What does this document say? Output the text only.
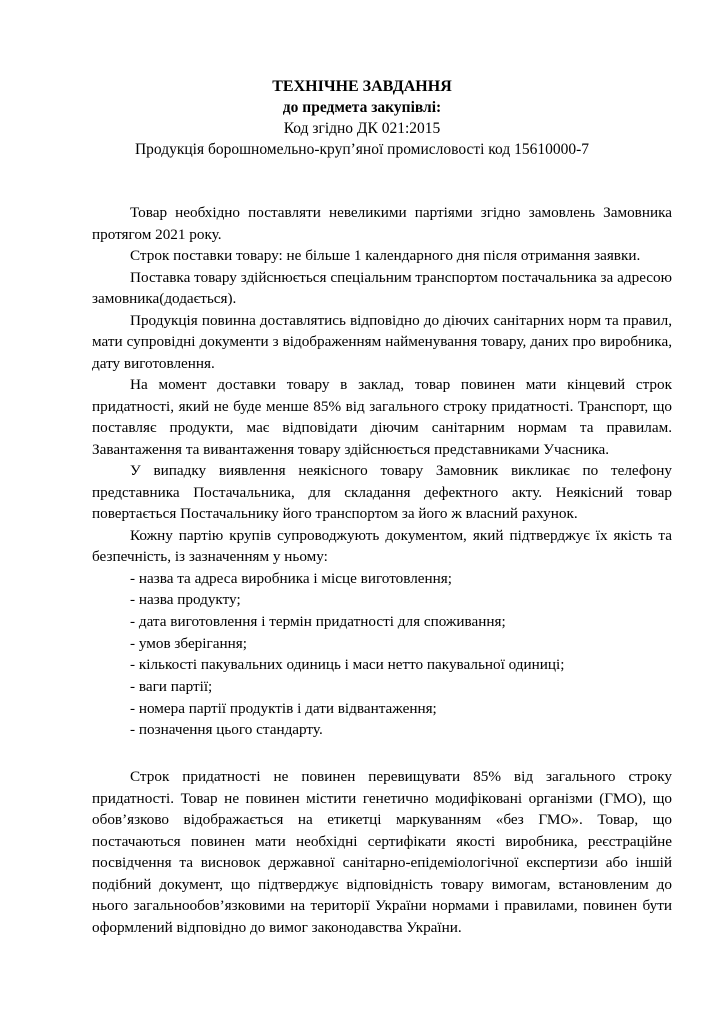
ТЕХНІЧНЕ ЗАВДАННЯ
до предмета закупівлі:
Код згідно ДК 021:2015
Продукція борошномельно-круп’яної промисловості код 15610000-7

Товар необхідно поставляти невеликими партіями згідно замовлень Замовника протягом 2021 року.

Строк поставки товару: не більше 1 календарного дня після отримання заявки.

Поставка товару здійснюється спеціальним транспортом постачальника за адресою замовника(додається).

Продукція повинна доставлятись відповідно до діючих санітарних норм та правил, мати супровідні документи з відображенням найменування товару, даних про виробника, дату виготовлення.

На момент доставки товару в заклад, товар повинен мати кінцевий строк придатності, який не буде менше 85% від загального строку придатності. Транспорт, що поставляє продукти, має відповідати діючим санітарним нормам та правилам. Завантаження та вивантаження товару здійснюється представниками Учасника.

У випадку виявлення неякісного товару Замовник викликає по телефону представника Постачальника, для складання дефектного акту. Неякісний товар повертається Постачальнику його транспортом за його ж власний рахунок.

Кожну партію крупів супроводжують документом, який підтверджує їх якість та безпечність, із зазначенням у ньому:

- назва та адреса виробника і місце виготовлення;
- назва продукту;
- дата виготовлення і термін придатності для споживання;
- умов зберігання;
- кількості пакувальних одиниць і маси нетто пакувальної одиниці;
- ваги партії;
- номера партії продуктів і дати відвантаження;
- позначення цього стандарту.

Строк придатності не повинен перевищувати 85% від загального строку придатності. Товар не повинен містити генетично модифіковані організми (ГМО), що обов’язково відображається на етикетці маркуванням «без ГМО». Товар, що постачаються повинен мати необхідні сертифікати якості виробника, реєстраційне посвідчення та висновок державної санітарно-епідеміологічної експертизи або іншій подібний документ, що підтверджує відповідність товару вимогам, встановленим до нього загальнообов’язковими на території України нормами і правилами, повинен бути оформлений відповідно до вимог законодавства України.
